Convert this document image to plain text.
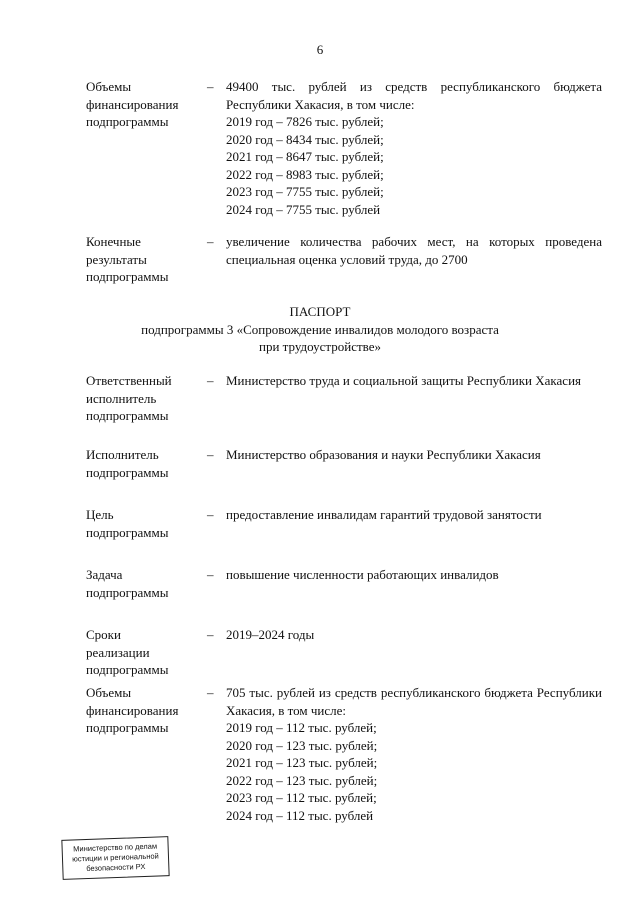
6
Объемы
финансирования
подпрограммы
– 49400 тыс. рублей из средств республиканского бюджета Республики Хакасия, в том числе:
2019 год – 7826 тыс. рублей;
2020 год – 8434 тыс. рублей;
2021 год – 8647 тыс. рублей;
2022 год – 8983 тыс. рублей;
2023 год – 7755 тыс. рублей;
2024 год – 7755 тыс. рублей
Конечные
результаты
подпрограммы
– увеличение количества рабочих мест, на которых проведена специальная оценка условий труда, до 2700
ПАСПОРТ
подпрограммы 3 «Сопровождение инвалидов молодого возраста
при трудоустройстве»
Ответственный
исполнитель
подпрограммы
– Министерство труда и социальной защиты Республики Хакасия
Исполнитель
подпрограммы
– Министерство образования и науки Республики Хакасия
Цель
подпрограммы
– предоставление инвалидам гарантий трудовой занятости
Задача
подпрограммы
– повышение численности работающих инвалидов
Сроки
реализации
подпрограммы
– 2019–2024 годы
Объемы
финансирования
подпрограммы
– 705 тыс. рублей из средств республиканского бюджета Республики Хакасия, в том числе:
2019 год – 112 тыс. рублей;
2020 год – 123 тыс. рублей;
2021 год – 123 тыс. рублей;
2022 год – 123 тыс. рублей;
2023 год – 112 тыс. рублей;
2024 год – 112 тыс. рублей
Министерство по делам
юстиции и региональной
безопасности РХ
